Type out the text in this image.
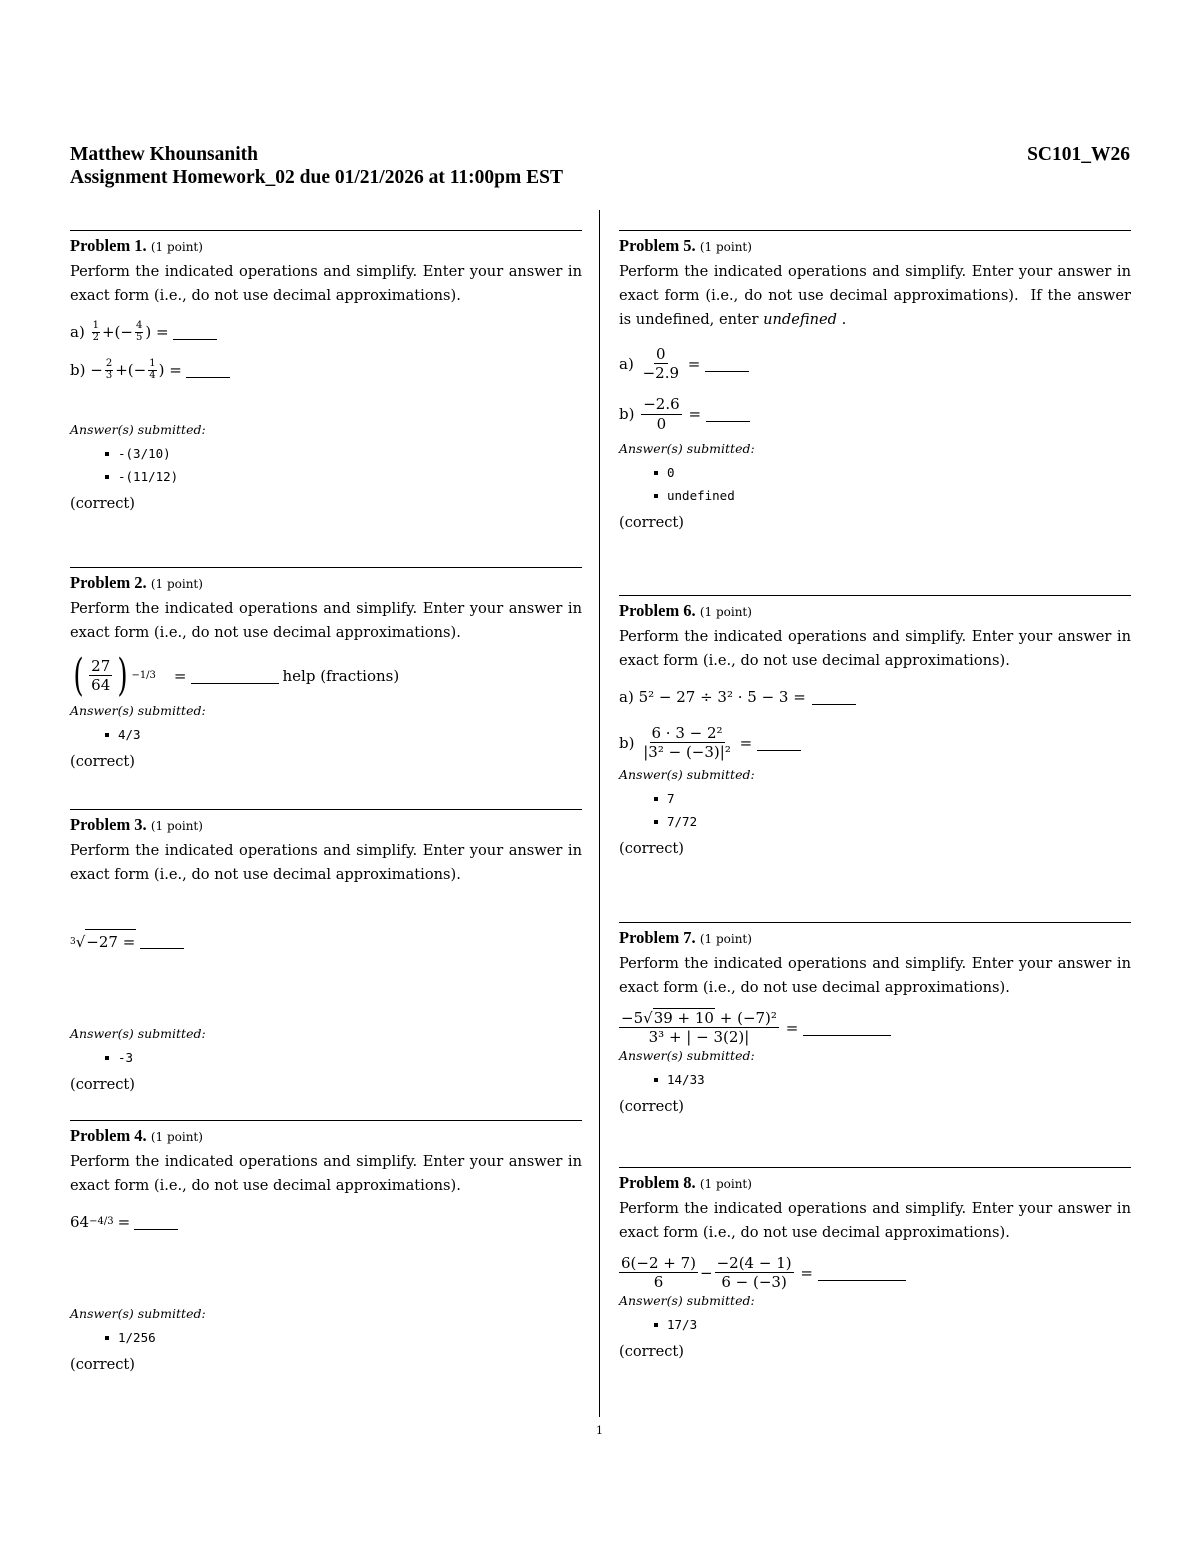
Matthew Khounsanith
Assignment Homework_02 due 01/21/2026 at 11:00pm EST
SC101_W26
Problem 1. (1 point)
Perform the indicated operations and simplify. Enter your answer in exact form (i.e., do not use decimal approximations).
a)
$\frac{1}{2}$ +(− $\frac{4}{5}$ ) =
b)
− $\frac{2}{3}$ +(− $\frac{1}{4}$ ) =
Answer(s) submitted:
-(3/10)
-(11/12)
(correct)
Problem 2. (1 point)
Perform the indicated operations and simplify. Enter your answer in exact form (i.e., do not use decimal approximations).
( $\frac{27}{64}$ ) −1/3 =	help (fractions)
Answer(s) submitted:
4/3
(correct)
Problem 3. (1 point)
Perform the indicated operations and simplify. Enter your answer in exact form (i.e., do not use decimal approximations).
3 √ −27 =
Answer(s) submitted:
-3
(correct)
Problem 4. (1 point)
Perform the indicated operations and simplify. Enter your answer in exact form (i.e., do not use decimal approximations).
64 −4/3 =
Answer(s) submitted:
1/256
(correct)
Problem 5. (1 point)
Perform the indicated operations and simplify. Enter your answer in exact form (i.e., do not use decimal approximations). If the answer is undefined, enter undefined .
$a) \frac{0}{-2.9}$ =
$b) \frac{-2.6}{0}$ =
Answer(s) submitted:
0
undefined
(correct)
Problem 6. (1 point)
Perform the indicated operations and simplify. Enter your answer in exact form (i.e., do not use decimal approximations).
a) 5² − 27 ÷ 3² · 5 − 3 =
$b) \frac{\text{6 · 3 − 2²}}{\text{|3² − (−3)|²}}$ =
Answer(s) submitted:
7
7/72
(correct)
Problem 7. (1 point)
Perform the indicated operations and simplify. Enter your answer in exact form (i.e., do not use decimal approximations).
$\frac{\text{−5√39 + 10 + (−7)²}}{\text{3³ + | − 3(2)|}}$ =
Answer(s) submitted:
14/33
(correct)
Problem 8. (1 point)
Perform the indicated operations and simplify. Enter your answer in exact form (i.e., do not use decimal approximations).
$\frac{6(-2 + 7)}{6} - \frac{-2(4 - 1)}{6 - (-3)}$ =
Answer(s) submitted:
17/3
(correct)
1
